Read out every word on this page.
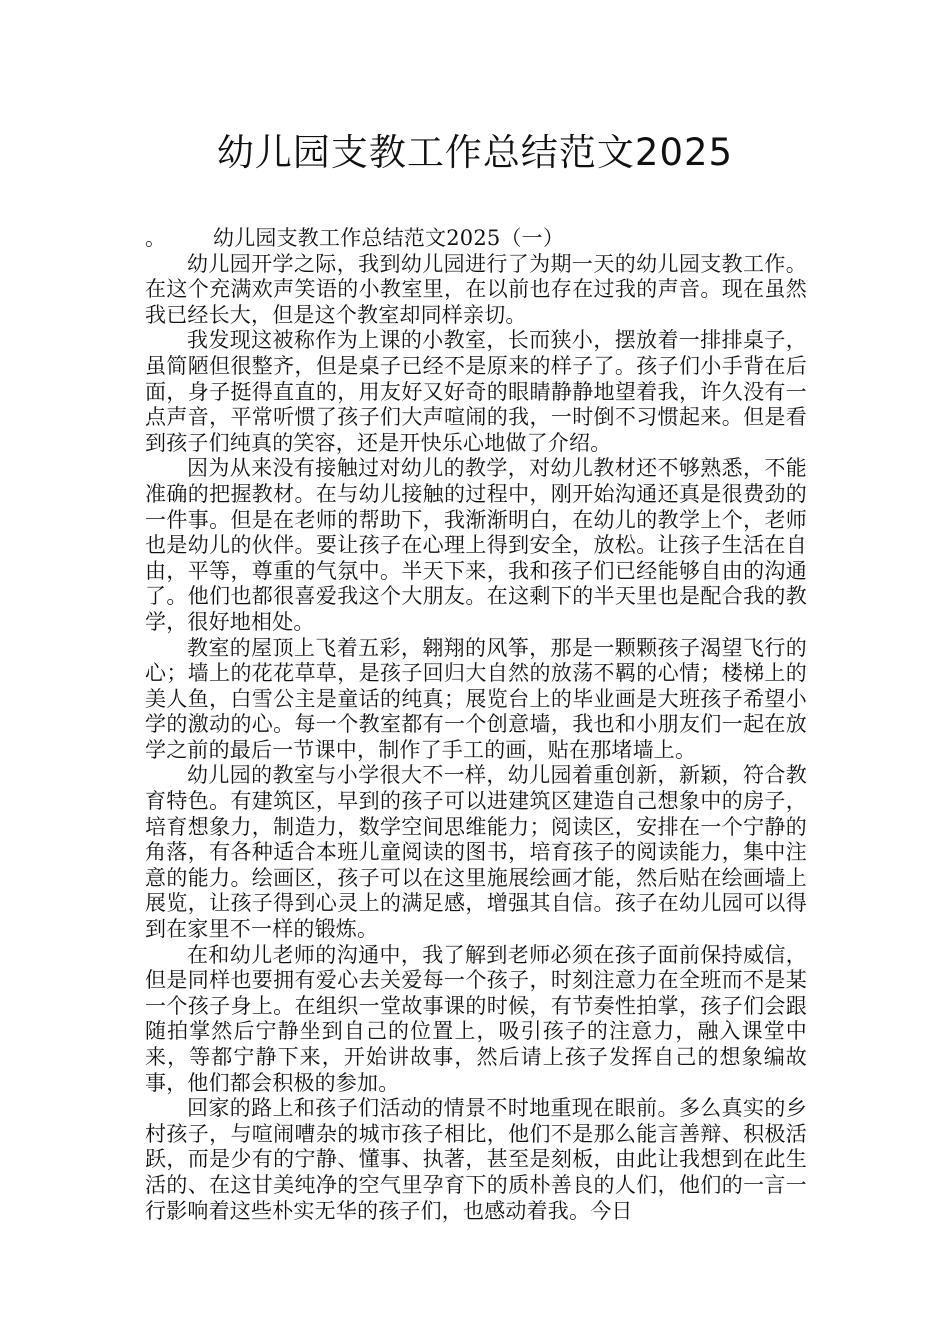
幼儿园支教工作总结范文2025

。 幼儿园支教工作总结范文2025（一）

幼儿园开学之际，我到幼儿园进行了为期一天的幼儿园支教工作。在这个充满欢声笑语的小教室里，在以前也存在过我的声音。现在虽然我已经长大，但是这个教室却同样亲切。

我发现这被称作为上课的小教室，长而狭小，摆放着一排排桌子，虽简陋但很整齐，但是桌子已经不是原来的样子了。孩子们小手背在后面，身子挺得直直的，用友好又好奇的眼睛静静地望着我，许久没有一点声音，平常听惯了孩子们大声喧闹的我，一时倒不习惯起来。但是看到孩子们纯真的笑容，还是开快乐心地做了介绍。

因为从来没有接触过对幼儿的教学，对幼儿教材还不够熟悉，不能准确的把握教材。在与幼儿接触的过程中，刚开始沟通还真是很费劲的一件事。但是在老师的帮助下，我渐渐明白，在幼儿的教学上个，老师也是幼儿的伙伴。要让孩子在心理上得到安全，放松。让孩子生活在自由，平等，尊重的气氛中。半天下来，我和孩子们已经能够自由的沟通了。他们也都很喜爱我这个大朋友。在这剩下的半天里也是配合我的教学，很好地相处。

教室的屋顶上飞着五彩，翱翔的风筝，那是一颗颗孩子渴望飞行的心；墙上的花花草草，是孩子回归大自然的放荡不羁的心情；楼梯上的美人鱼，白雪公主是童话的纯真；展览台上的毕业画是大班孩子希望小学的激动的心。每一个教室都有一个创意墙，我也和小朋友们一起在放学之前的最后一节课中，制作了手工的画，贴在那堵墙上。

幼儿园的教室与小学很大不一样，幼儿园着重创新，新颖，符合教育特色。有建筑区，早到的孩子可以进建筑区建造自己想象中的房子，培育想象力，制造力，数学空间思维能力；阅读区，安排在一个宁静的角落，有各种适合本班儿童阅读的图书，培育孩子的阅读能力，集中注意的能力。绘画区，孩子可以在这里施展绘画才能，然后贴在绘画墙上展览，让孩子得到心灵上的满足感，增强其自信。孩子在幼儿园可以得到在家里不一样的锻炼。

在和幼儿老师的沟通中，我了解到老师必须在孩子面前保持威信，但是同样也要拥有爱心去关爱每一个孩子，时刻注意力在全班而不是某一个孩子身上。在组织一堂故事课的时候，有节奏性拍掌，孩子们会跟随拍掌然后宁静坐到自己的位置上，吸引孩子的注意力，融入课堂中来，等都宁静下来，开始讲故事，然后请上孩子发挥自己的想象编故事，他们都会积极的参加。

回家的路上和孩子们活动的情景不时地重现在眼前。多么真实的乡村孩子，与喧闹嘈杂的城市孩子相比，他们不是那么能言善辩、积极活跃，而是少有的宁静、懂事、执著，甚至是刻板，由此让我想到在此生活的、在这甘美纯净的空气里孕育下的质朴善良的人们，他们的一言一行影响着这些朴实无华的孩子们，也感动着我。今日
